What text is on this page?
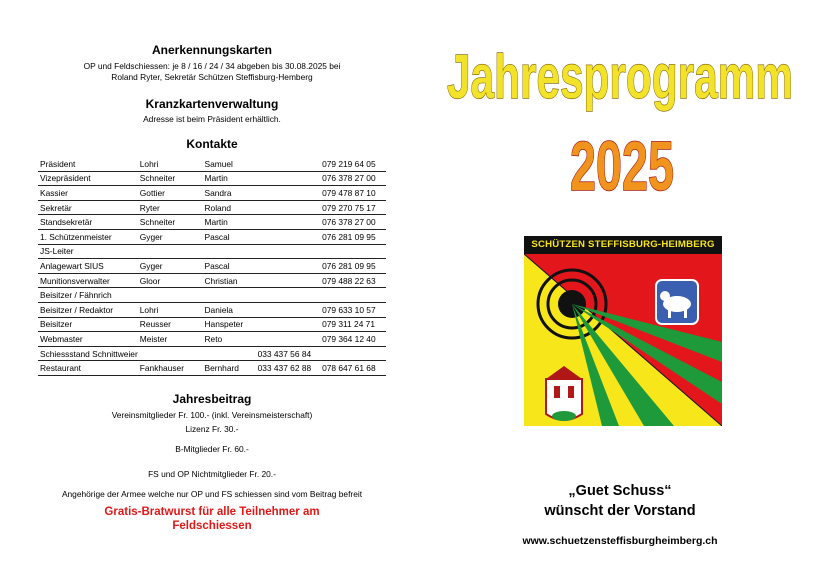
Anerkennungskarten
OP und Feldschiessen: je 8 / 16 / 24 / 34 abgeben bis 30.08.2025 bei
Roland Ryter, Sekretär Schützen Steffisburg-Hemberg
Kranzkartenverwaltung
Adresse ist beim Präsident erhältlich.
Kontakte
Präsident	Lohri	Samuel		079 219 64 05
Vizepräsident	Schneiter	Martin		076 378 27 00
Kassier	Gottier	Sandra		079 478 87 10
Sekretär	Ryter	Roland		079 270 75 17
Standsekretär	Schneiter	Martin		076 378 27 00
1. Schützenmeister	Gyger	Pascal		076 281 09 95
JS-Leiter				
Anlagewart SIUS	Gyger	Pascal		076 281 09 95
Munitionsverwalter	Gloor	Christian		079 488 22 63
Beisitzer / Fähnrich				
Beisitzer / Redaktor	Lohri	Daniela		079 633 10 57
Beisitzer	Reusser	Hanspeter		079 311 24 71
Webmaster	Meister	Reto		079 364 12 40
Schiessstand Schnittweier			033 437 56 84	
Restaurant	Fankhauser	Bernhard	033 437 62 88	078 647 61 68
Jahresbeitrag
Vereinsmitglieder Fr. 100.- (inkl. Vereinsmeisterschaft)
Lizenz Fr. 30.-
B-Mitglieder Fr. 60.-
FS und OP Nichtmitglieder Fr. 20.-
Angehörige der Armee welche nur OP und FS schiessen sind vom Beitrag befreit
Gratis-Bratwurst für alle Teilnehmer am
Feldschiessen
Jahresprogramm
2025
SCHÜTZEN STEFFISBURG-HEIMBERG
„Guet Schuss“
wünscht der Vorstand
www.schuetzensteffisburgheimberg.ch
